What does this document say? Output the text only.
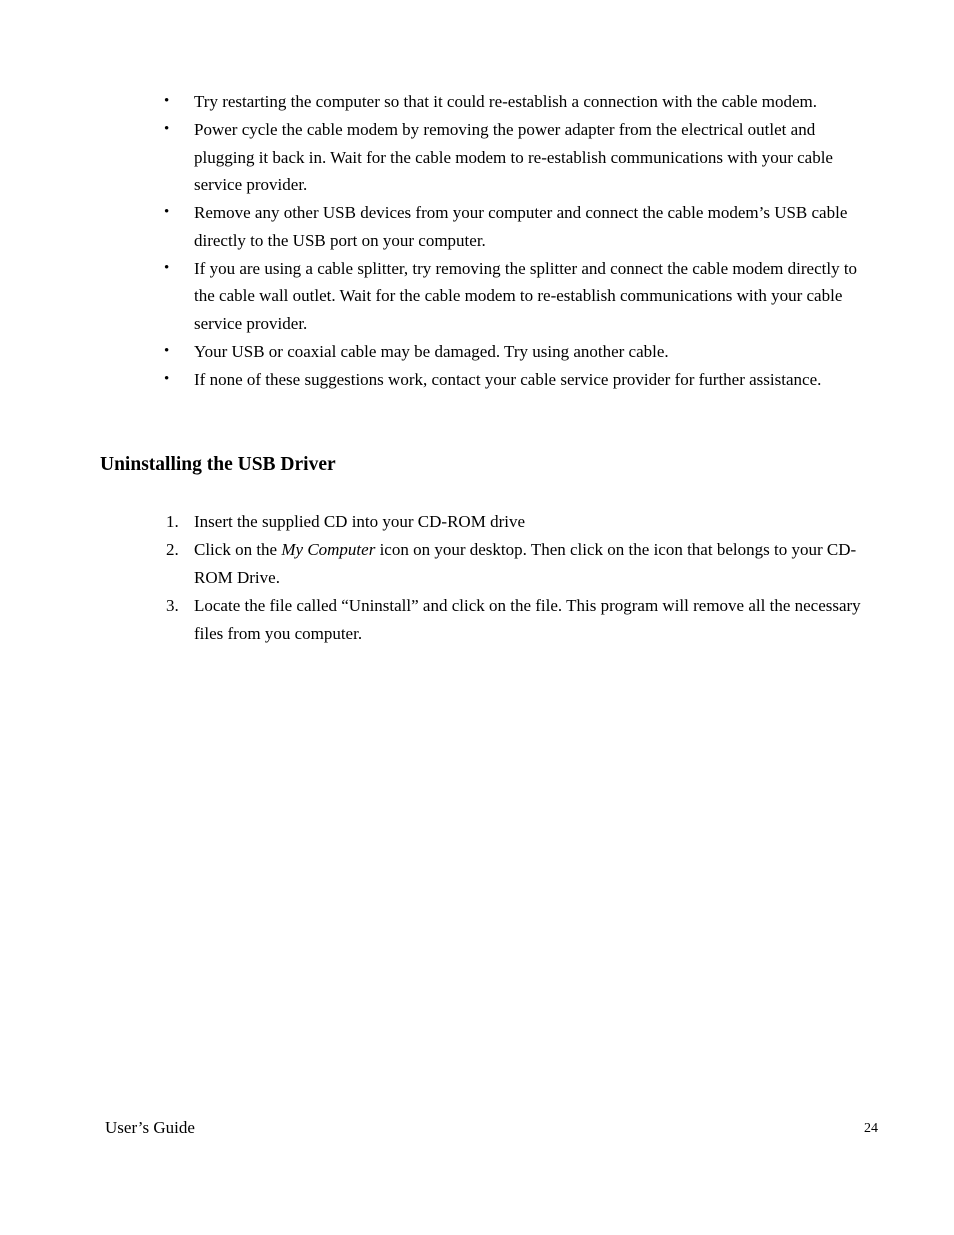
•	Try restarting the computer so that it could re-establish a connection with the cable modem.
•	Power cycle the cable modem by removing the power adapter from the electrical outlet and plugging it back in. Wait for the cable modem to re-establish communications with your cable service provider.
•	Remove any other USB devices from your computer and connect the cable modem’s USB cable directly to the USB port on your computer.
•	If you are using a cable splitter, try removing the splitter and connect the cable modem directly to the cable wall outlet. Wait for the cable modem to re-establish communications with your cable service provider.
•	Your USB or coaxial cable may be damaged. Try using another cable.
•	If none of these suggestions work, contact your cable service provider for further assistance.
Uninstalling the USB Driver
1. Insert the supplied CD into your CD-ROM drive
2. Click on the My Computer icon on your desktop. Then click on the icon that belongs to your CD-ROM Drive.
3. Locate the file called “Uninstall” and click on the file. This program will remove all the necessary files from you computer.
User’s Guide	24
